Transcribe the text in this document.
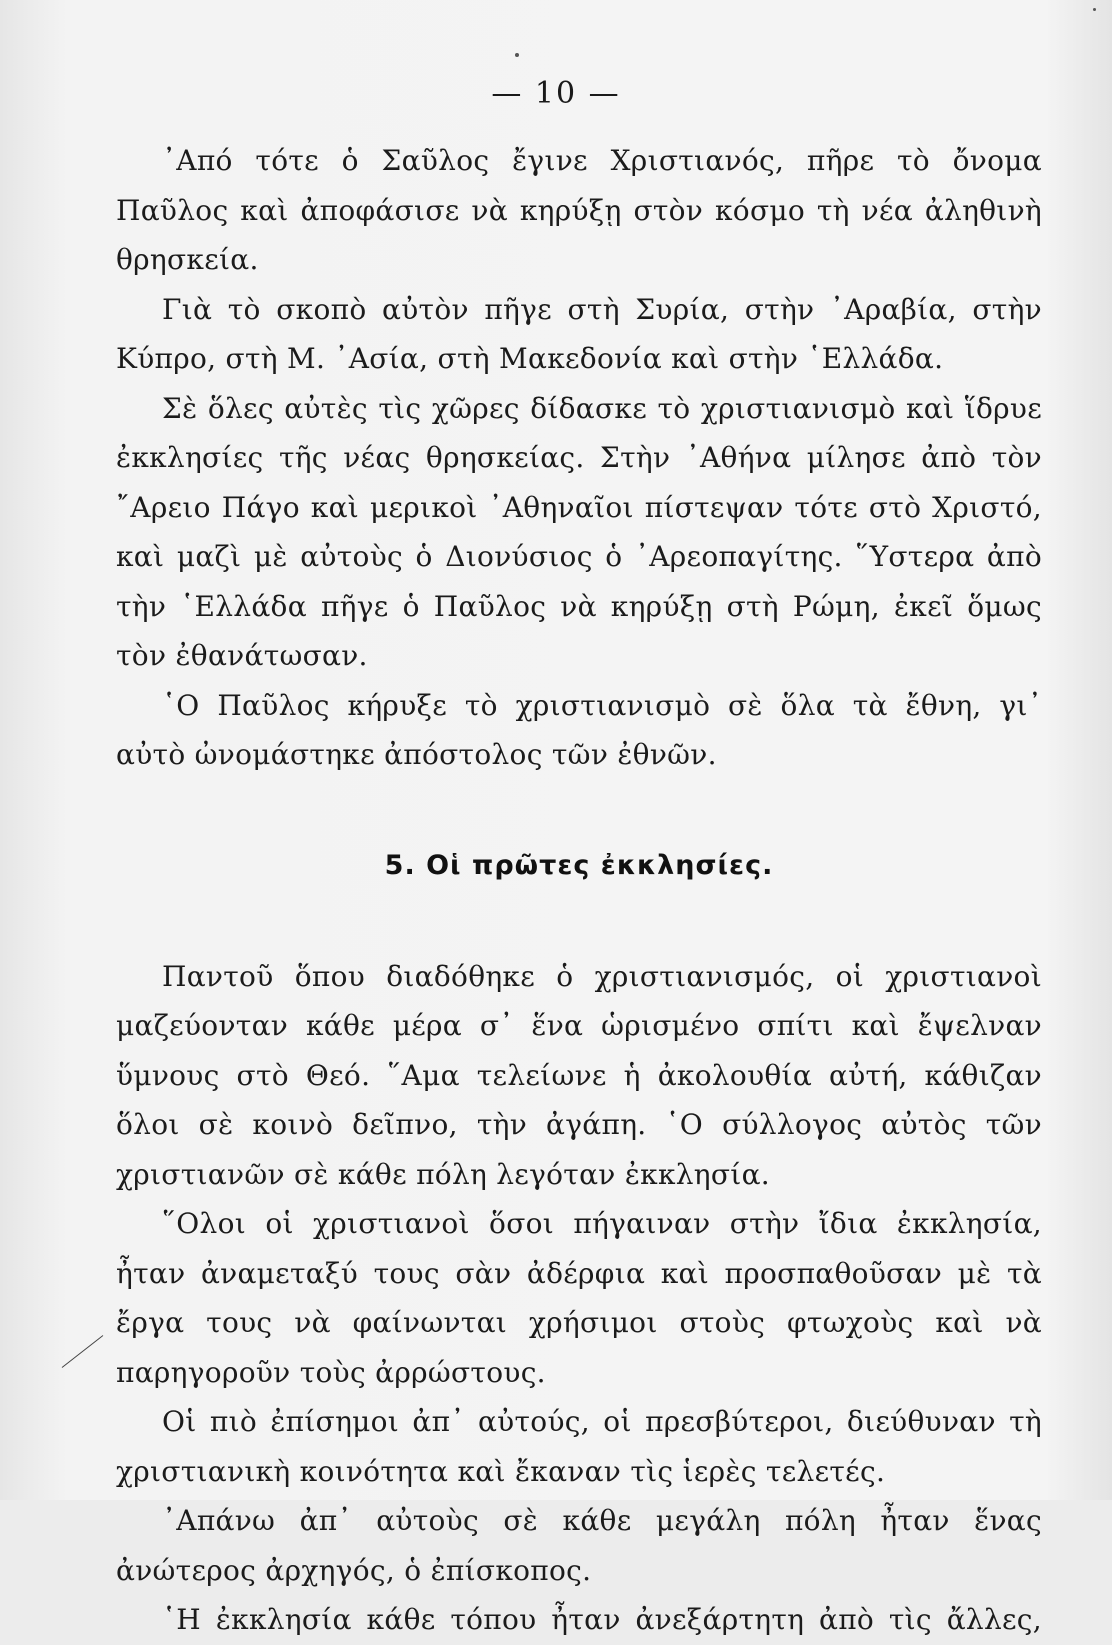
— 10 —

᾿Από τότε ὁ Σαῦλος ἔγινε Χριστιανός, πῆρε τὸ ὄνομα Παῦλος καὶ ἀποφάσισε νὰ κηρύξῃ στὸν κόσμο τὴ νέα ἀληθινὴ θρησκεία.

Γιὰ τὸ σκοπὸ αὐτὸν πῆγε στὴ Συρία, στὴν ᾿Αραβία, στὴν Κύπρο, στὴ Μ. ᾿Ασία, στὴ Μακεδονία καὶ στὴν ῾Ελλάδα.

Σὲ ὅλες αὐτὲς τὶς χῶρες δίδασκε τὸ χριστιανισμὸ καὶ ἵδρυε ἐκκλησίες τῆς νέας θρησκείας. Στὴν ᾿Αθήνα μίλησε ἀπὸ τὸν ῎Αρειο Πάγο καὶ μερικοὶ ᾿Αθηναῖοι πίστεψαν τότε στὸ Χριστό, καὶ μαζὶ μὲ αὐτοὺς ὁ Διονύσιος ὁ ᾿Αρεοπαγίτης. ῞Υστερα ἀπὸ τὴν ῾Ελλάδα πῆγε ὁ Παῦλος νὰ κηρύξῃ στὴ Ρώμη, ἐκεῖ ὅμως τὸν ἐθανάτωσαν.

῾Ο Παῦλος κήρυξε τὸ χριστιανισμὸ σὲ ὅλα τὰ ἔθνη, γι᾿ αὐτὸ ὠνομάστηκε ἀπόστολος τῶν ἐθνῶν.

5. Οἱ πρῶτες ἐκκλησίες.

Παντοῦ ὅπου διαδόθηκε ὁ χριστιανισμός, οἱ χριστιανοὶ μαζεύονταν κάθε μέρα σ᾿ ἕνα ὡρισμένο σπίτι καὶ ἔψελναν ὕμνους στὸ Θεό. ῞Αμα τελείωνε ἡ ἀκολουθία αὐτή, κάθιζαν ὅλοι σὲ κοινὸ δεῖπνο, τὴν ἀγάπη. ῾Ο σύλλογος αὐτὸς τῶν χριστιανῶν σὲ κάθε πόλη λεγόταν ἐκκλησία.

῞Ολοι οἱ χριστιανοὶ ὅσοι πήγαιναν στὴν ἴδια ἐκκλησία, ἦταν ἀναμεταξύ τους σὰν ἀδέρφια καὶ προσπαθοῦσαν μὲ τὰ ἔργα τους νὰ φαίνωνται χρήσιμοι στοὺς φτωχοὺς καὶ νὰ παρηγοροῦν τοὺς ἀρρώστους.

Οἱ πιὸ ἐπίσημοι ἀπ᾿ αὐτούς, οἱ πρεσβύτεροι, διεύθυναν τὴ χριστιανικὴ κοινότητα καὶ ἔκαναν τὶς ἱερὲς τελετές.

᾿Απάνω ἀπ᾿ αὐτοὺς σὲ κάθε μεγάλη πόλη ἦταν ἕνας ἀνώτερος ἀρχηγός, ὁ ἐπίσκοπος.

῾Η ἐκκλησία κάθε τόπου ἦταν ἀνεξάρτητη ἀπὸ τὶς ἄλλες,
